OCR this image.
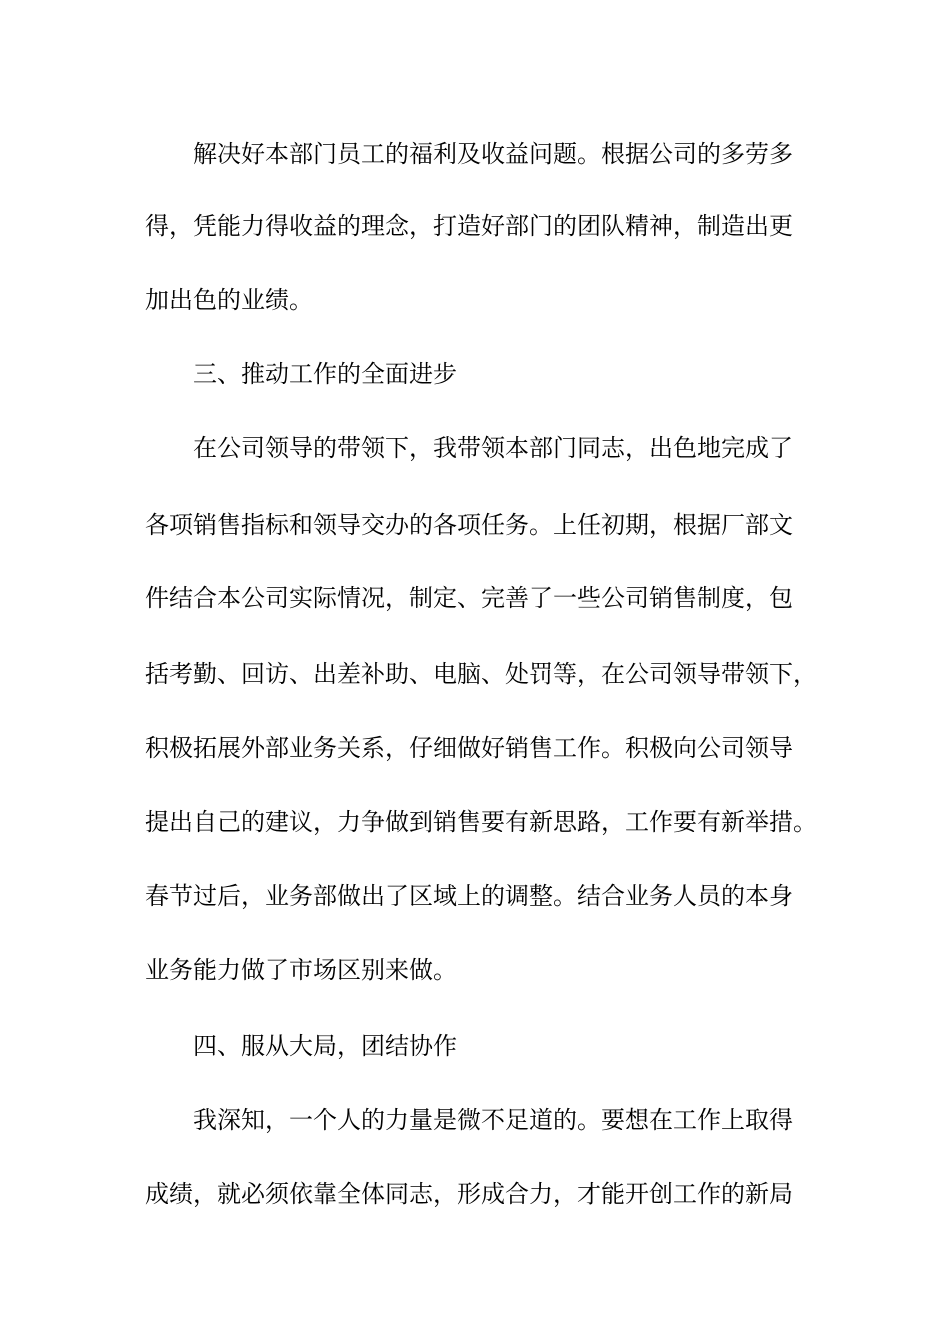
解决好本部门员工的福利及收益问题。根据公司的多劳多
得，凭能力得收益的理念，打造好部门的团队精神，制造出更
加出色的业绩。
三、推动工作的全面进步
在公司领导的带领下，我带领本部门同志，出色地完成了
各项销售指标和领导交办的各项任务。上任初期，根据厂部文
件结合本公司实际情况，制定、完善了一些公司销售制度，包
括考勤、回访、出差补助、电脑、处罚等，在公司领导带领下，
积极拓展外部业务关系，仔细做好销售工作。积极向公司领导
提出自己的建议，力争做到销售要有新思路，工作要有新举措。
春节过后，业务部做出了区域上的调整。结合业务人员的本身
业务能力做了市场区别来做。
四、服从大局，团结协作
我深知，一个人的力量是微不足道的。要想在工作上取得
成绩，就必须依靠全体同志，形成合力，才能开创工作的新局
